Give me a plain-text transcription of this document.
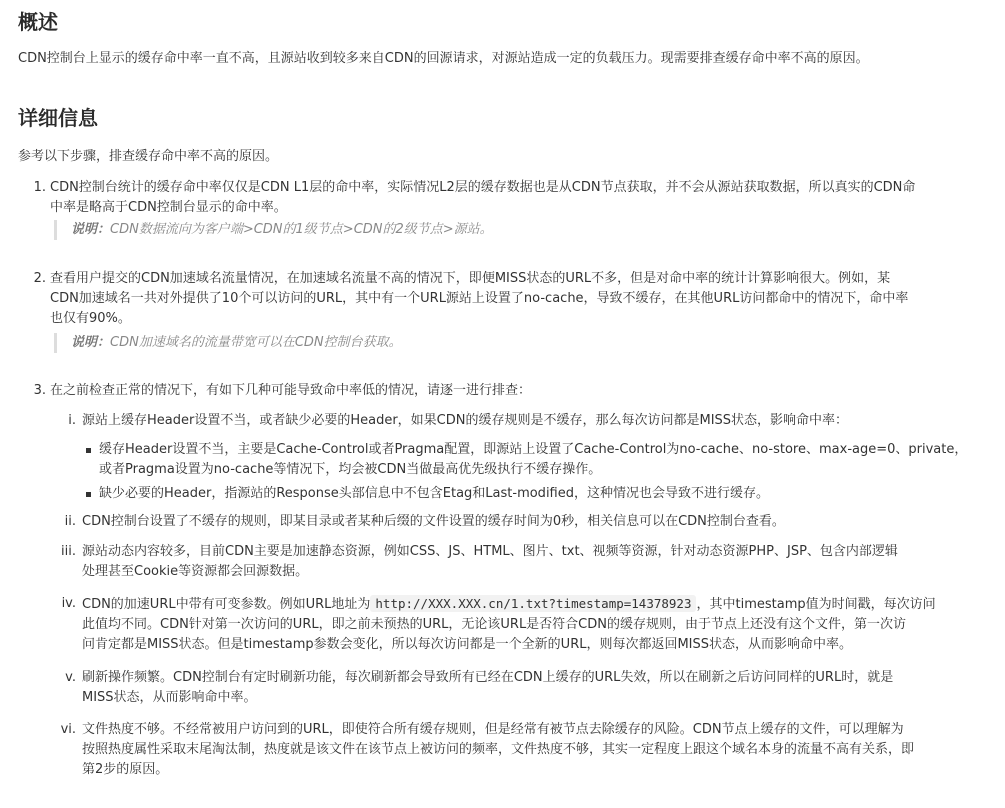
概述

CDN控制台上显示的缓存命中率一直不高，且源站收到较多来自CDN的回源请求，对源站造成一定的负载压力。现需要排查缓存命中率不高的原因。

详细信息

参考以下步骤，排查缓存命中率不高的原因。

1. CDN控制台统计的缓存命中率仅仅是CDN L1层的命中率，实际情况L2层的缓存数据也是从CDN节点获取，并不会从源站获取数据，所以真实的CDN命
中率是略高于CDN控制台显示的命中率。
说明：CDN数据流向为客户端>CDN的1级节点>CDN的2级节点>源站。
2. 查看用户提交的CDN加速域名流量情况，在加速域名流量不高的情况下，即便MISS状态的URL不多，但是对命中率的统计计算影响很大。例如，某
CDN加速域名一共对外提供了10个可以访问的URL，其中有一个URL源站上设置了no-cache，导致不缓存，在其他URL访问都命中的情况下，命中率
也仅有90%。
说明：CDN加速域名的流量带宽可以在CDN控制台获取。
3. 在之前检查正常的情况下，有如下几种可能导致命中率低的情况，请逐一进行排查：
i. 源站上缓存Header设置不当，或者缺少必要的Header，如果CDN的缓存规则是不缓存，那么每次访问都是MISS状态，影响命中率：
缓存Header设置不当，主要是Cache-Control或者Pragma配置，即源站上设置了Cache-Control为no-cache、no-store、max-age=0、private，
或者Pragma设置为no-cache等情况下，均会被CDN当做最高优先级执行不缓存操作。
缺少必要的Header，指源站的Response头部信息中不包含Etag和Last-modified，这种情况也会导致不进行缓存。
ii. CDN控制台设置了不缓存的规则，即某目录或者某种后缀的文件设置的缓存时间为0秒，相关信息可以在CDN控制台查看。
iii. 源站动态内容较多，目前CDN主要是加速静态资源，例如CSS、JS、HTML、图片、txt、视频等资源，针对动态资源PHP、JSP、包含内部逻辑
处理甚至Cookie等资源都会回源数据。
iv. CDN的加速URL中带有可变参数。例如URL地址为 http://XXX.XXX.cn/1.txt?timestamp=14378923 ，其中timestamp值为时间戳，每次访问
此值均不同。CDN针对第一次访问的URL，即之前未预热的URL，无论该URL是否符合CDN的缓存规则，由于节点上还没有这个文件，第一次访
问肯定都是MISS状态。但是timestamp参数会变化，所以每次访问都是一个全新的URL，则每次都返回MISS状态，从而影响命中率。
v. 刷新操作频繁。CDN控制台有定时刷新功能，每次刷新都会导致所有已经在CDN上缓存的URL失效，所以在刷新之后访问同样的URL时，就是
MISS状态，从而影响命中率。
vi. 文件热度不够。不经常被用户访问到的URL，即使符合所有缓存规则，但是经常有被节点去除缓存的风险。CDN节点上缓存的文件，可以理解为
按照热度属性采取末尾淘汰制，热度就是该文件在该节点上被访问的频率，文件热度不够，其实一定程度上跟这个域名本身的流量不高有关系，即
第2步的原因。
